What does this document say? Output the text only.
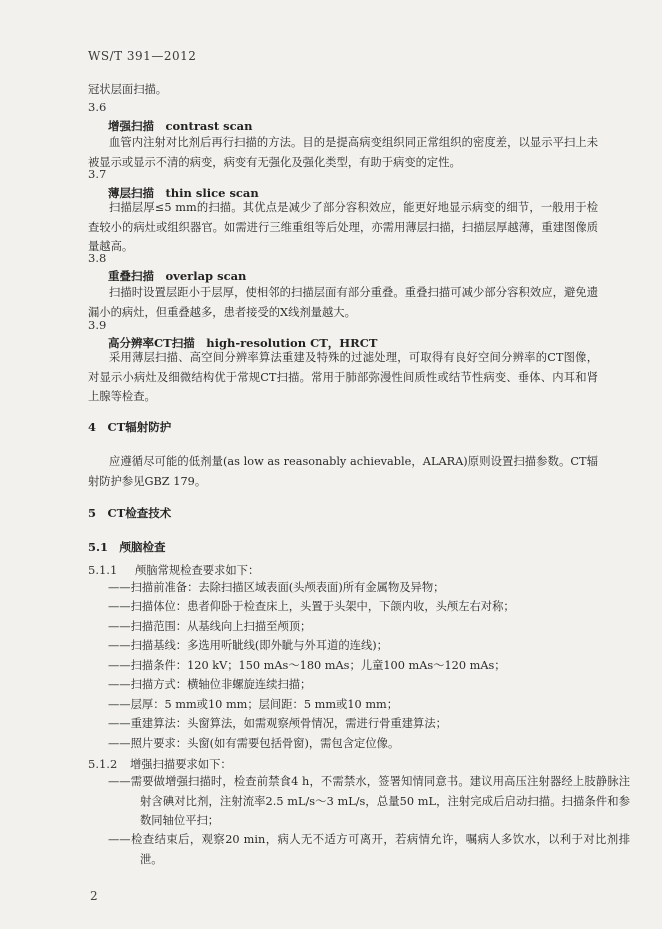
WS/T 391—2012
冠状层面扫描。
3.6
增强扫描　contrast scan
血管内注射对比剂后再行扫描的方法。目的是提高病变组织同正常组织的密度差，以显示平扫上未被显示或显示不清的病变，病变有无强化及强化类型，有助于病变的定性。
3.7
薄层扫描　thin slice scan
扫描层厚≤5 mm的扫描。其优点是减少了部分容积效应，能更好地显示病变的细节，一般用于检查较小的病灶或组织器官。如需进行三维重组等后处理，亦需用薄层扫描，扫描层厚越薄，重建图像质量越高。
3.8
重叠扫描　overlap scan
扫描时设置层距小于层厚，使相邻的扫描层面有部分重叠。重叠扫描可减少部分容积效应，避免遗漏小的病灶，但重叠越多，患者接受的X线剂量越大。
3.9
高分辨率CT扫描　high-resolution CT，HRCT
采用薄层扫描、高空间分辨率算法重建及特殊的过滤处理，可取得有良好空间分辨率的CT图像，对显示小病灶及细微结构优于常规CT扫描。常用于肺部弥漫性间质性或结节性病变、垂体、内耳和肾上腺等检查。
4　CT辐射防护
应遵循尽可能的低剂量(as low as reasonably achievable，ALARA)原则设置扫描参数。CT辐射防护参见GBZ 179。
5　CT检查技术
5.1　颅脑检查
5.1.1 颅脑常规检查要求如下：
——扫描前准备：去除扫描区域表面(头颅表面)所有金属物及异物；
——扫描体位：患者仰卧于检查床上，头置于头架中，下颌内收，头颅左右对称；
——扫描范围：从基线向上扫描至颅顶；
——扫描基线：多选用听眦线(即外眦与外耳道的连线)；
——扫描条件：120 kV；150 mAs～180 mAs；儿童100 mAs～120 mAs；
——扫描方式：横轴位非螺旋连续扫描；
——层厚：5 mm或10 mm；层间距：5 mm或10 mm；
——重建算法：头窗算法，如需观察颅骨情况，需进行骨重建算法；
——照片要求：头窗(如有需要包括骨窗)，需包含定位像。
5.1.2 增强扫描要求如下：
——需要做增强扫描时，检查前禁食4 h，不需禁水，签署知情同意书。建议用高压注射器经上肢静脉注射含碘对比剂，注射流率2.5 mL/s～3 mL/s，总量50 mL，注射完成后启动扫描。扫描条件和参数同轴位平扫；
——检查结束后，观察20 min，病人无不适方可离开，若病情允许，嘱病人多饮水，以利于对比剂排泄。
2
